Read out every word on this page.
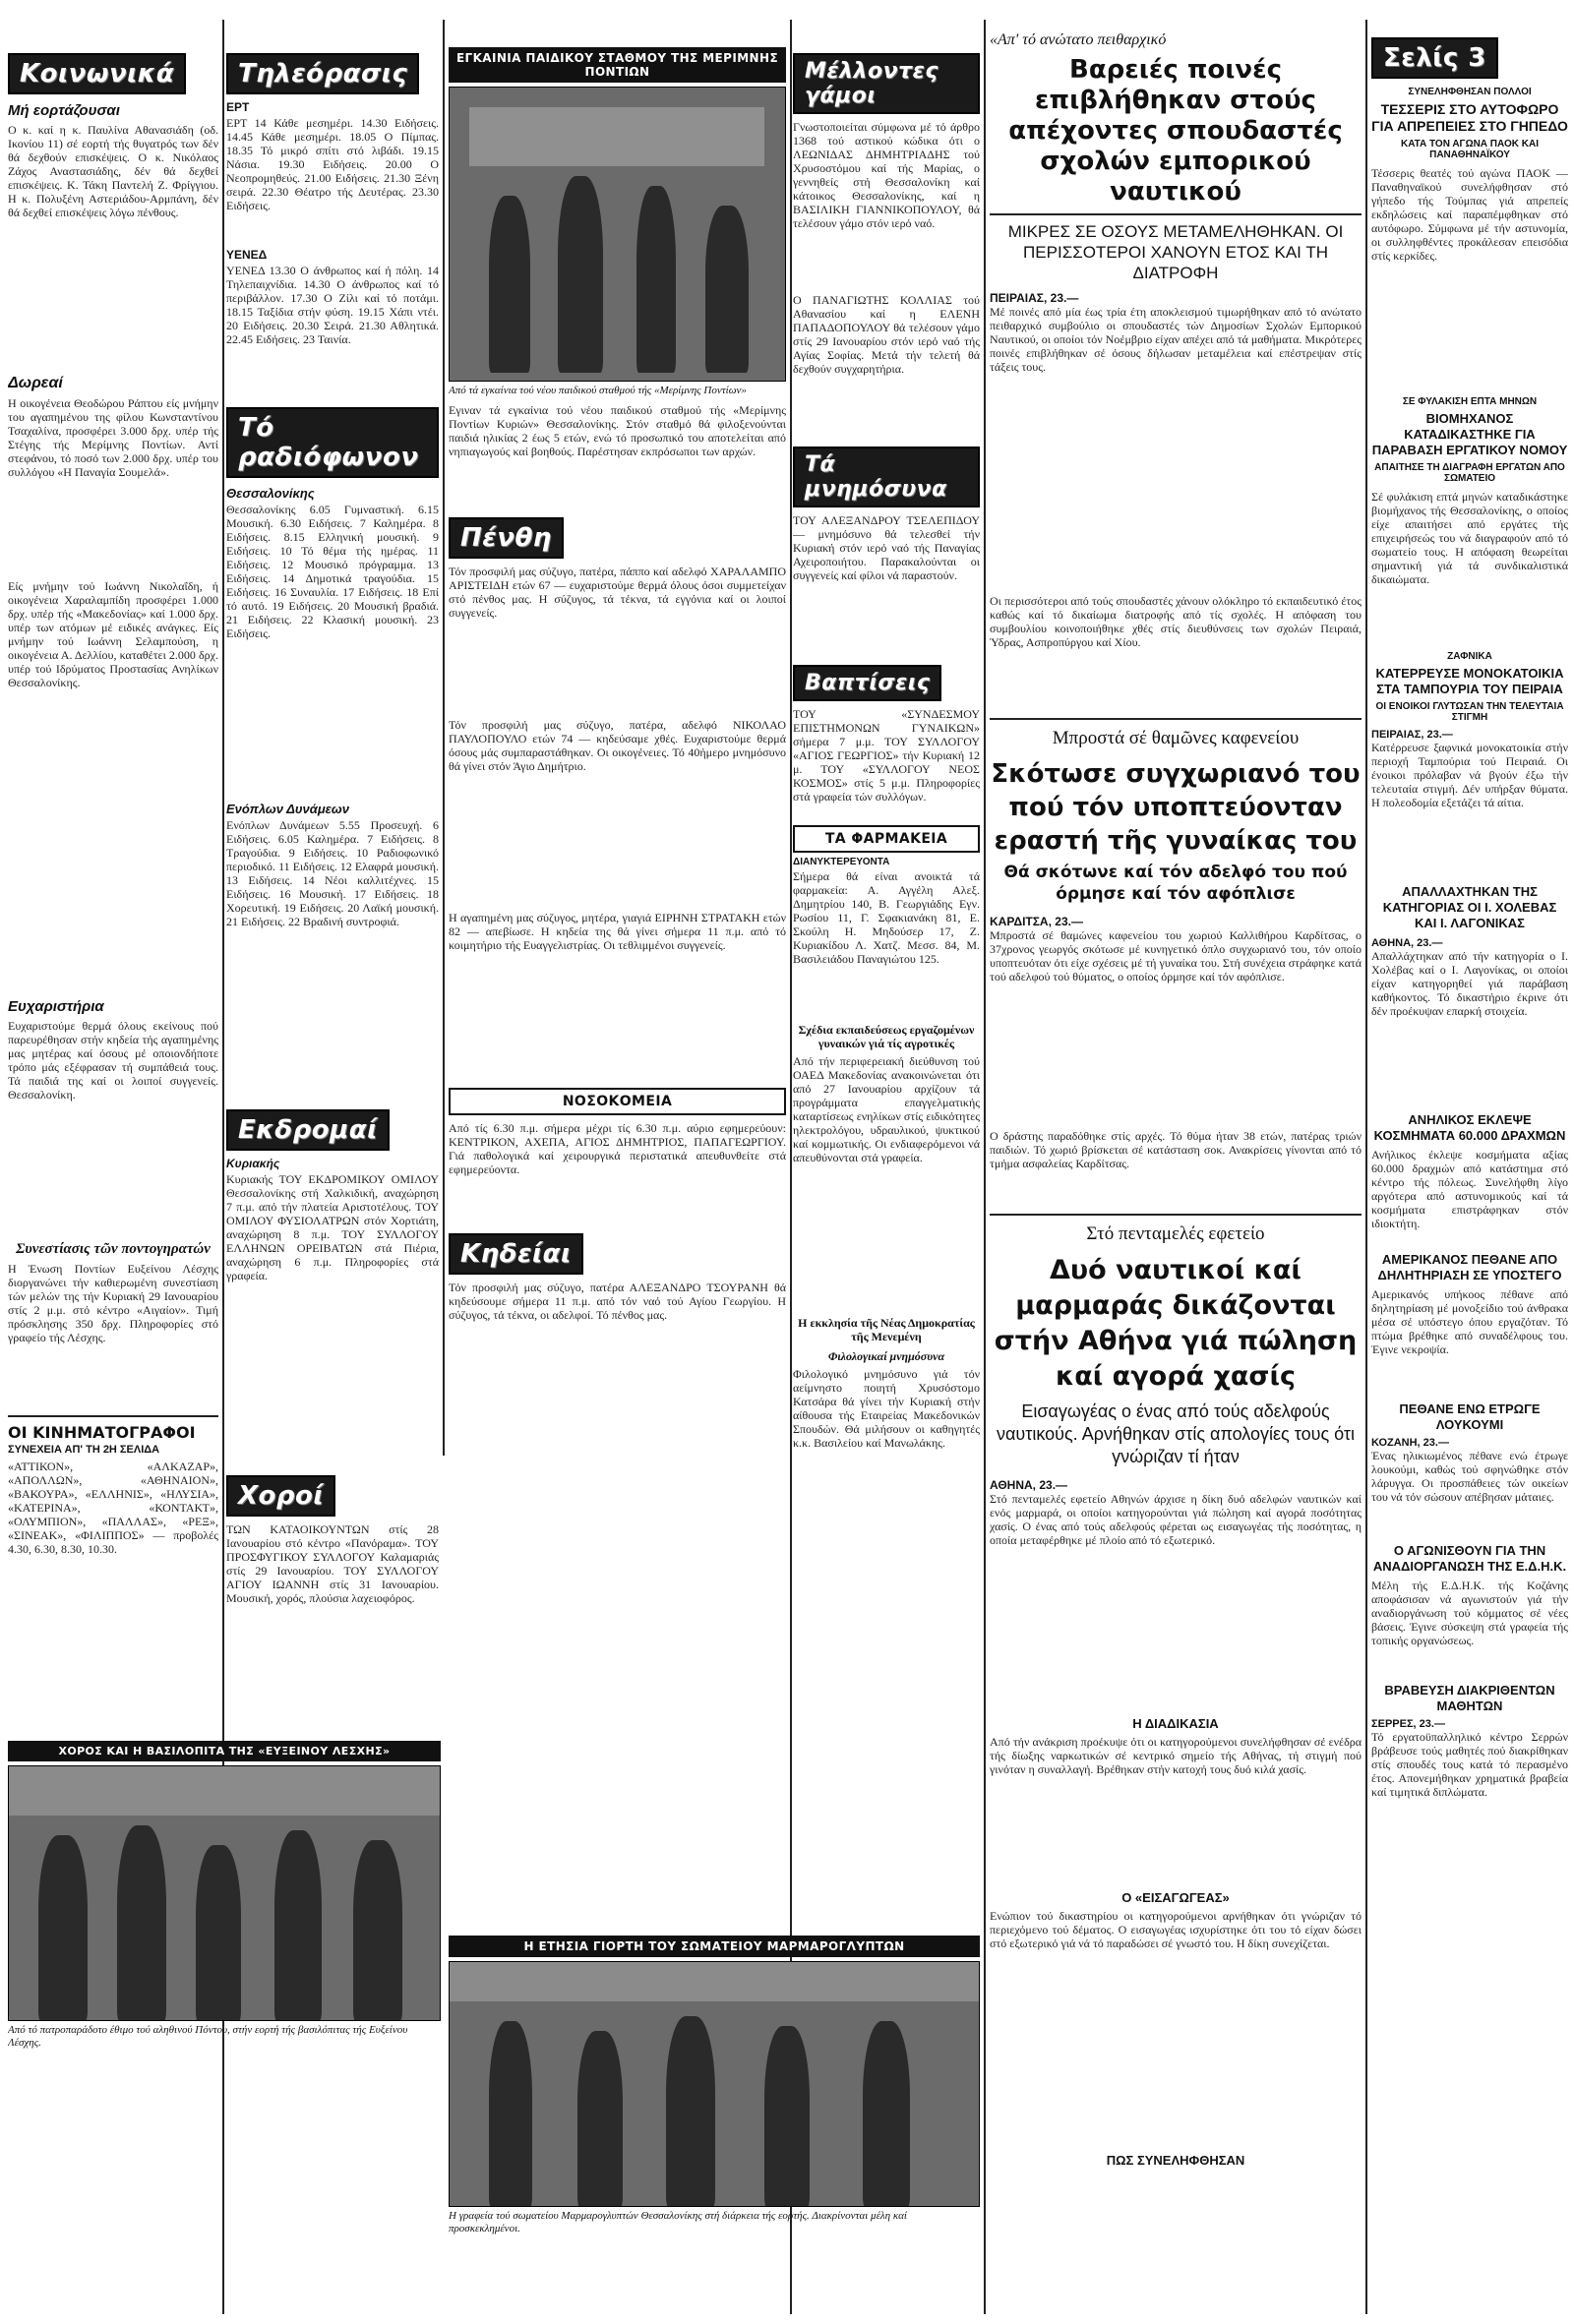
Κοινωνικά
Μή εορτάζουσαι
Ο κ. καί η κ. Παυλίνα Αθανασιάδη (οδ. Ικονίου 11) σέ εορτή τής θυγατρός των δέν θά δεχθούν επισκέψεις. Ο κ. Νικόλαος Ζάχος Αναστασιάδης, δέν θά δεχθεί επισκέψεις. Κ. Τάκη Παντελή Ζ. Φρίγγιου. Η κ. Πολυξένη Αστεριάδου-Αρμπάνη, δέν θά δεχθεί επισκέψεις λόγω πένθους.
Δωρεαί
Η οικογένεια Θεοδώρου Ράπτου είς μνήμην του αγαπημένου της φίλου Κωνσταντίνου Τσαχαλίνα, προσφέρει 3.000 δρχ. υπέρ τής Στέγης τής Μερίμνης Ποντίων. Αντί στεφάνου, τό ποσό των 2.000 δρχ. υπέρ του συλλόγου «Η Παναγία Σουμελά».
Είς μνήμην τού Ιωάννη Νικολαΐδη, ή οικογένεια Χαραλαμπίδη προσφέρει 1.000 δρχ. υπέρ τής «Μακεδονίας» καί 1.000 δρχ. υπέρ των ατόμων μέ ειδικές ανάγκες. Είς μνήμην τού Ιωάννη Σελαμπούση, η οικογένεια Α. Δελλίου, καταθέτει 2.000 δρχ. υπέρ τού Ιδρύματος Προστασίας Ανηλίκων Θεσσαλονίκης.
Ευχαριστήρια
Ευχαριστούμε θερμά όλους εκείνους πού παρευρέθησαν στήν κηδεία τής αγαπημένης μας μητέρας καί όσους μέ οποιονδήποτε τρόπο μάς εξέφρασαν τή συμπάθειά τους. Τά παιδιά της καί οι λοιποί συγγενείς. Θεσσαλονίκη.
Συνεστίασις τῶν ποντογηρατών
Η Ένωση Ποντίων Ευξείνου Λέσχης διοργανώνει τήν καθιερωμένη συνεστίαση τών μελών της τήν Κυριακή 29 Ιανουαρίου στίς 2 μ.μ. στό κέντρο «Αιγαίον». Τιμή πρόσκλησης 350 δρχ. Πληροφορίες στό γραφείο τής Λέσχης.
ΟΙ ΚΙΝΗΜΑΤΟΓΡΑΦΟΙ
ΣΥΝΕΧΕΙΑ ΑΠ' ΤΗ 2Η ΣΕΛΙΔΑ
«ΑΤΤΙΚΟΝ», «ΑΛΚΑΖΑΡ», «ΑΠΟΛΛΩΝ», «ΑΘΗΝΑΙΟΝ», «ΒΑΚΟΥΡΑ», «ΕΛΛΗΝΙΣ», «ΗΛΥΣΙΑ», «ΚΑΤΕΡΙΝΑ», «ΚΟΝΤΑΚΤ», «ΟΛΥΜΠΙΟΝ», «ΠΑΛΛΑΣ», «ΡΕΞ», «ΣΙΝΕΑΚ», «ΦΙΛΙΠΠΟΣ» — προβολές 4.30, 6.30, 8.30, 10.30.
Τηλεόρασις
ΕΡΤ
ΕΡΤ 14 Κάθε μεσημέρι. 14.30 Ειδήσεις. 14.45 Κάθε μεσημέρι. 18.05 Ο Πίμπας. 18.35 Τό μικρό σπίτι στό λιβάδι. 19.15 Νάσια. 19.30 Ειδήσεις. 20.00 Ο Νεοπρομηθεύς. 21.00 Ειδήσεις. 21.30 Ξένη σειρά. 22.30 Θέατρο τής Δευτέρας. 23.30 Ειδήσεις.
ΥΕΝΕΔ
ΥΕΝΕΔ 13.30 Ο άνθρωπος καί ή πόλη. 14 Τηλεπαιχνίδια. 14.30 Ο άνθρωπος καί τό περιβάλλον. 17.30 Ο Ζίλι καί τό ποτάμι. 18.15 Ταξίδια στήν φύση. 19.15 Χάπι ντέι. 20 Ειδήσεις. 20.30 Σειρά. 21.30 Αθλητικά. 22.45 Ειδήσεις. 23 Ταινία.
Τό ραδιόφωνον
Θεσσαλονίκης
Θεσσαλονίκης 6.05 Γυμναστική. 6.15 Μουσική. 6.30 Ειδήσεις. 7 Καλημέρα. 8 Ειδήσεις. 8.15 Ελληνική μουσική. 9 Ειδήσεις. 10 Τό θέμα τής ημέρας. 11 Ειδήσεις. 12 Μουσικό πρόγραμμα. 13 Ειδήσεις. 14 Δημοτικά τραγούδια. 15 Ειδήσεις. 16 Συναυλία. 17 Ειδήσεις. 18 Επί τό αυτό. 19 Ειδήσεις. 20 Μουσική βραδιά. 21 Ειδήσεις. 22 Κλασική μουσική. 23 Ειδήσεις.
Ενόπλων Δυνάμεων
Ενόπλων Δυνάμεων 5.55 Προσευχή. 6 Ειδήσεις. 6.05 Καλημέρα. 7 Ειδήσεις. 8 Τραγούδια. 9 Ειδήσεις. 10 Ραδιοφωνικό περιοδικό. 11 Ειδήσεις. 12 Ελαφρά μουσική. 13 Ειδήσεις. 14 Νέοι καλλιτέχνες. 15 Ειδήσεις. 16 Μουσική. 17 Ειδήσεις. 18 Χορευτική. 19 Ειδήσεις. 20 Λαϊκή μουσική. 21 Ειδήσεις. 22 Βραδινή συντροφιά.
Εκδρομαί
Κυριακής
Κυριακής ΤΟΥ ΕΚΔΡΟΜΙΚΟΥ ΟΜΙΛΟΥ Θεσσαλονίκης στή Χαλκιδική, αναχώρηση 7 π.μ. από τήν πλατεία Αριστοτέλους. ΤΟΥ ΟΜΙΛΟΥ ΦΥΣΙΟΛΑΤΡΩΝ στόν Χορτιάτη, αναχώρηση 8 π.μ. ΤΟΥ ΣΥΛΛΟΓΟΥ ΕΛΛΗΝΩΝ ΟΡΕΙΒΑΤΩΝ στά Πιέρια, αναχώρηση 6 π.μ. Πληροφορίες στά γραφεία.
Χοροί
ΤΩΝ ΚΑΤΑΟΙΚΟΥΝΤΩΝ στίς 28 Ιανουαρίου στό κέντρο «Πανόραμα». ΤΟΥ ΠΡΟΣΦΥΓΙΚΟΥ ΣΥΛΛΟΓΟΥ Καλαμαριάς στίς 29 Ιανουαρίου. ΤΟΥ ΣΥΛΛΟΓΟΥ ΑΓΙΟΥ ΙΩΑΝΝΗ στίς 31 Ιανουαρίου. Μουσική, χορός, πλούσια λαχειοφόρος.
ΕΓΚΑΙΝΙΑ ΠΑΙΔΙΚΟΥ ΣΤΑΘΜΟΥ ΤΗΣ ΜΕΡΙΜΝΗΣ ΠΟΝΤΙΩΝ
Από τά εγκαίνια τού νέου παιδικού σταθμού τής «Μερίμνης Ποντίων»
Εγιναν τά εγκαίνια τού νέου παιδικού σταθμού τής «Μερίμνης Ποντίων Κυριών» Θεσσαλονίκης. Στόν σταθμό θά φιλοξενούνται παιδιά ηλικίας 2 έως 5 ετών, ενώ τό προσωπικό του αποτελείται από νηπιαγωγούς καί βοηθούς. Παρέστησαν εκπρόσωποι των αρχών.
Πένθη
Τόν προσφιλή μας σύζυγο, πατέρα, πάππο καί αδελφό ΧΑΡΑΛΑΜΠΟ ΑΡΙΣΤΕΙΔΗ ετών 67 — ευχαριστούμε θερμά όλους όσοι συμμετείχαν στό πένθος μας. Η σύζυγος, τά τέκνα, τά εγγόνια καί οι λοιποί συγγενείς.
Τόν προσφιλή μας σύζυγο, πατέρα, αδελφό ΝΙΚΟΛΑΟ ΠΑΥΛΟΠΟΥΛΟ ετών 74 — κηδεύσαμε χθές. Ευχαριστούμε θερμά όσους μάς συμπαραστάθηκαν. Οι οικογένειες. Τό 40ήμερο μνημόσυνο θά γίνει στόν Άγιο Δημήτριο.
Η αγαπημένη μας σύζυγος, μητέρα, γιαγιά ΕΙΡΗΝΗ ΣΤΡΑΤΑΚΗ ετών 82 — απεβίωσε. Η κηδεία της θά γίνει σήμερα 11 π.μ. από τό κοιμητήριο τής Ευαγγελιστρίας. Οι τεθλιμμένοι συγγενείς.
ΝΟΣΟΚΟΜΕΙΑ
Από τίς 6.30 π.μ. σήμερα μέχρι τίς 6.30 π.μ. αύριο εφημερεύουν: ΚΕΝΤΡΙΚΟΝ, ΑΧΕΠΑ, ΑΓΙΟΣ ΔΗΜΗΤΡΙΟΣ, ΠΑΠΑΓΕΩΡΓΙΟΥ. Γιά παθολογικά καί χειρουργικά περιστατικά απευθυνθείτε στά εφημερεύοντα.
Κηδείαι
Τόν προσφιλή μας σύζυγο, πατέρα ΑΛΕΞΑΝΔΡΟ ΤΣΟΥΡΑΝΗ θά κηδεύσουμε σήμερα 11 π.μ. από τόν ναό τού Αγίου Γεωργίου. Η σύζυγος, τά τέκνα, οι αδελφοί. Τό πένθος μας.
ΧΟΡΟΣ ΚΑΙ Η ΒΑΣΙΛΟΠΙΤΑ ΤΗΣ «ΕΥΞΕΙΝΟΥ ΛΕΣΧΗΣ»
Από τό πατροπαράδοτο έθιμο τού αληθινού Πόντου, στήν εορτή τής βασιλόπιτας τής Ευξείνου Λέσχης.
Μέλλοντες γάμοι
Γνωστοποιείται σύμφωνα μέ τό άρθρο 1368 τού αστικού κώδικα ότι ο ΛΕΩΝΙΔΑΣ ΔΗΜΗΤΡΙΑΔΗΣ τού Χρυσοστόμου καί τής Μαρίας, ο γεννηθείς στή Θεσσαλονίκη καί κάτοικος Θεσσαλονίκης, καί η ΒΑΣΙΛΙΚΗ ΓΙΑΝΝΙΚΟΠΟΥΛΟΥ, θά τελέσουν γάμο στόν ιερό ναό.
Ο ΠΑΝΑΓΙΩΤΗΣ ΚΟΛΛΙΑΣ τού Αθανασίου καί η ΕΛΕΝΗ ΠΑΠΑΔΟΠΟΥΛΟΥ θά τελέσουν γάμο στίς 29 Ιανουαρίου στόν ιερό ναό τής Αγίας Σοφίας. Μετά τήν τελετή θά δεχθούν συγχαρητήρια.
Τά μνημόσυνα
ΤΟΥ ΑΛΕΞΑΝΔΡΟΥ ΤΣΕΛΕΠΙΔΟΥ — μνημόσυνο θά τελεσθεί τήν Κυριακή στόν ιερό ναό τής Παναγίας Αχειροποιήτου. Παρακαλούνται οι συγγενείς καί φίλοι νά παραστούν.
Βαπτίσεις
ΤΟΥ «ΣΥΝΔΕΣΜΟΥ ΕΠΙΣΤΗΜΟΝΩΝ ΓΥΝΑΙΚΩΝ» σήμερα 7 μ.μ. ΤΟΥ ΣΥΛΛΟΓΟΥ «ΑΓΙΟΣ ΓΕΩΡΓΙΟΣ» τήν Κυριακή 12 μ. ΤΟΥ «ΣΥΛΛΟΓΟΥ ΝΕΟΣ ΚΟΣΜΟΣ» στίς 5 μ.μ. Πληροφορίες στά γραφεία τών συλλόγων.
ΤΑ ΦΑΡΜΑΚΕΙΑ
ΔΙΑΝΥΚΤΕΡΕΥΟΝΤΑ
Σήμερα θά είναι ανοικτά τά φαρμακεία: Α. Αγγέλη Αλεξ. Δημητρίου 140, Β. Γεωργιάδης Εγν. Ρωσίου 11, Γ. Σφακιανάκη 81, Ε. Σκούλη Η. Μηδούσερ 17, Ζ. Κυριακίδου Λ. Χατζ. Μεσσ. 84, Μ. Βασιλειάδου Παναγιώτου 125.
Σχέδια εκπαιδεύσεως εργαζομένων γυναικών γιά τίς αγροτικές
Από τήν περιφερειακή διεύθυνση τού ΟΑΕΔ Μακεδονίας ανακοινώνεται ότι από 27 Ιανουαρίου αρχίζουν τά προγράμματα επαγγελματικής καταρτίσεως ενηλίκων στίς ειδικότητες ηλεκτρολόγου, υδραυλικού, ψυκτικού καί κομμωτικής. Οι ενδιαφερόμενοι νά απευθύνονται στά γραφεία.
Η εκκλησία τῆς Νέας Δημοκρατίας τῆς Μενεμένη
Φιλολογικαί μνημόσυνα
Φιλολογικό μνημόσυνο γιά τόν αείμνηστο ποιητή Χρυσόστομο Κατσάρα θά γίνει τήν Κυριακή στήν αίθουσα τής Εταιρείας Μακεδονικών Σπουδών. Θά μιλήσουν οι καθηγητές κ.κ. Βασιλείου καί Μανωλάκης.
Η ΕΤΗΣΙΑ ΓΙΟΡΤΗ ΤΟΥ ΣΩΜΑΤΕΙΟΥ ΜΑΡΜΑΡΟΓΛΥΠΤΩΝ
Η γραφεία τού σωματείου Μαρμαρογλυπτών Θεσσαλονίκης στή διάρκεια τής εορτής. Διακρίνονται μέλη καί προσκεκλημένοι.
«Απ' τό ανώτατο πειθαρχικό
Βαρειές ποινές επιβλήθηκαν στούς απέχοντες σπουδαστές σχολών εμπορικού ναυτικού
ΜΙΚΡΕΣ ΣΕ ΟΣΟΥΣ ΜΕΤΑΜΕΛΗΘΗΚΑΝ. ΟΙ ΠΕΡΙΣΣΟΤΕΡΟΙ ΧΑΝΟΥΝ ΕΤΟΣ ΚΑΙ ΤΗ ΔΙΑΤΡΟΦΗ
ΠΕΙΡΑΙΑΣ, 23.—
Μέ ποινές από μία έως τρία έτη αποκλεισμού τιμωρήθηκαν από τό ανώτατο πειθαρχικό συμβούλιο οι σπουδαστές τών Δημοσίων Σχολών Εμπορικού Ναυτικού, οι οποίοι τόν Νοέμβριο είχαν απέχει από τά μαθήματα. Μικρότερες ποινές επιβλήθηκαν σέ όσους δήλωσαν μεταμέλεια καί επέστρεψαν στίς τάξεις τους.
Οι περισσότεροι από τούς σπουδαστές χάνουν ολόκληρο τό εκπαιδευτικό έτος καθώς καί τό δικαίωμα διατροφής από τίς σχολές. Η απόφαση του συμβουλίου κοινοποιήθηκε χθές στίς διευθύνσεις των σχολών Πειραιά, Ύδρας, Ασπροπύργου καί Χίου.
Μπροστά σέ θαμῶνες καφενείου
Σκότωσε συγχωριανό του πού τόν υποπτεύονταν εραστή τῆς γυναίκας του
Θά σκότωνε καί τόν αδελφό του πού όρμησε καί τόν αφόπλισε
ΚΑΡΔΙΤΣΑ, 23.—
Μπροστά σέ θαμώνες καφενείου του χωριού Καλλιθήρου Καρδίτσας, ο 37χρονος γεωργός σκότωσε μέ κυνηγετικό όπλο συγχωριανό του, τόν οποίο υποπτευόταν ότι είχε σχέσεις μέ τή γυναίκα του. Στή συνέχεια στράφηκε κατά τού αδελφού τού θύματος, ο οποίος όρμησε καί τόν αφόπλισε.
Ο δράστης παραδόθηκε στίς αρχές. Τό θύμα ήταν 38 ετών, πατέρας τριών παιδιών. Τό χωριό βρίσκεται σέ κατάσταση σοκ. Ανακρίσεις γίνονται από τό τμήμα ασφαλείας Καρδίτσας.
Στό πενταμελές εφετείο
Δυό ναυτικοί καί μαρμαράς δικάζονται στήν Αθήνα γιά πώληση καί αγορά χασίς
Εισαγωγέας ο ένας από τούς αδελφούς ναυτικούς. Αρνήθηκαν στίς απολογίες τους ότι γνώριζαν τί ήταν
ΑΘΗΝΑ, 23.—
Στό πενταμελές εφετείο Αθηνών άρχισε η δίκη δυό αδελφών ναυτικών καί ενός μαρμαρά, οι οποίοι κατηγορούνται γιά πώληση καί αγορά ποσότητας χασίς. Ο ένας από τούς αδελφούς φέρεται ως εισαγωγέας τής ποσότητας, η οποία μεταφέρθηκε μέ πλοίο από τό εξωτερικό.
Η ΔΙΑΔΙΚΑΣΙΑ
Από τήν ανάκριση προέκυψε ότι οι κατηγορούμενοι συνελήφθησαν σέ ενέδρα τής δίωξης ναρκωτικών σέ κεντρικό σημείο τής Αθήνας, τή στιγμή πού γινόταν η συναλλαγή. Βρέθηκαν στήν κατοχή τους δυό κιλά χασίς.
Ο «ΕΙΣΑΓΩΓΕΑΣ»
Ενώπιον τού δικαστηρίου οι κατηγορούμενοι αρνήθηκαν ότι γνώριζαν τό περιεχόμενο τού δέματος. Ο εισαγωγέας ισχυρίστηκε ότι του τό είχαν δώσει στό εξωτερικό γιά νά τό παραδώσει σέ γνωστό του. Η δίκη συνεχίζεται.
ΠΩΣ ΣΥΝΕΛΗΦΘΗΣΑΝ
Σελίς 3
ΣΥΝΕΛΗΦΘΗΣΑΝ ΠΟΛΛΟΙ
ΤΕΣΣΕΡΙΣ ΣΤΟ ΑΥΤΟΦΩΡΟ ΓΙΑ ΑΠΡΕΠΕΙΕΣ ΣΤΟ ΓΗΠΕΔΟ
ΚΑΤΑ ΤΟΝ ΑΓΩΝΑ ΠΑΟΚ ΚΑΙ ΠΑΝΑΘΗΝΑΪΚΟΥ
Τέσσερις θεατές τού αγώνα ΠΑΟΚ — Παναθηναϊκού συνελήφθησαν στό γήπεδο τής Τούμπας γιά απρεπείς εκδηλώσεις καί παραπέμφθηκαν στό αυτόφωρο. Σύμφωνα μέ τήν αστυνομία, οι συλληφθέντες προκάλεσαν επεισόδια στίς κερκίδες.
ΣΕ ΦΥΛΑΚΙΣΗ ΕΠΤΑ ΜΗΝΩΝ
ΒΙΟΜΗΧΑΝΟΣ ΚΑΤΑΔΙΚΑΣΤΗΚΕ ΓΙΑ ΠΑΡΑΒΑΣΗ ΕΡΓΑΤΙΚΟΥ ΝΟΜΟΥ
ΑΠΑΙΤΗΣΕ ΤΗ ΔΙΑΓΡΑΦΗ ΕΡΓΑΤΩΝ ΑΠΟ ΣΩΜΑΤΕΙΟ
Σέ φυλάκιση επτά μηνών καταδικάστηκε βιομήχανος τής Θεσσαλονίκης, ο οποίος είχε απαιτήσει από εργάτες τής επιχειρήσεώς του νά διαγραφούν από τό σωματείο τους. Η απόφαση θεωρείται σημαντική γιά τά συνδικαλιστικά δικαιώματα.
ΖΑΦΝΙΚΑ
ΚΑΤΕΡΡΕΥΣΕ ΜΟΝΟΚΑΤΟΙΚΙΑ ΣΤΑ ΤΑΜΠΟΥΡΙΑ ΤΟΥ ΠΕΙΡΑΙΑ
ΟΙ ΕΝΟΙΚΟΙ ΓΛΥΤΩΣΑΝ ΤΗΝ ΤΕΛΕΥΤΑΙΑ ΣΤΙΓΜΗ
ΠΕΙΡΑΙΑΣ, 23.—
Κατέρρευσε ξαφνικά μονοκατοικία στήν περιοχή Ταμπούρια τού Πειραιά. Οι ένοικοι πρόλαβαν νά βγούν έξω τήν τελευταία στιγμή. Δέν υπήρξαν θύματα. Η πολεοδομία εξετάζει τά αίτια.
ΑΠΑΛΛΑΧΤΗΚΑΝ ΤΗΣ ΚΑΤΗΓΟΡΙΑΣ ΟΙ Ι. ΧΟΛΕΒΑΣ ΚΑΙ Ι. ΛΑΓΟΝΙΚΑΣ
ΑΘΗΝΑ, 23.—
Απαλλάχτηκαν από τήν κατηγορία ο Ι. Χολέβας καί ο Ι. Λαγονίκας, οι οποίοι είχαν κατηγορηθεί γιά παράβαση καθήκοντος. Τό δικαστήριο έκρινε ότι δέν προέκυψαν επαρκή στοιχεία.
ΑΝΗΛΙΚΟΣ ΕΚΛΕΨΕ ΚΟΣΜΗΜΑΤΑ 60.000 ΔΡΑΧΜΩΝ
Ανήλικος έκλεψε κοσμήματα αξίας 60.000 δραχμών από κατάστημα στό κέντρο τής πόλεως. Συνελήφθη λίγο αργότερα από αστυνομικούς καί τά κοσμήματα επιστράφηκαν στόν ιδιοκτήτη.
ΑΜΕΡΙΚΑΝΟΣ ΠΕΘΑΝΕ ΑΠΟ ΔΗΛΗΤΗΡΙΑΣΗ ΣΕ ΥΠΟΣΤΕΓΟ
Αμερικανός υπήκοος πέθανε από δηλητηρίαση μέ μονοξείδιο τού άνθρακα μέσα σέ υπόστεγο όπου εργαζόταν. Τό πτώμα βρέθηκε από συναδέλφους του. Έγινε νεκροψία.
ΠΕΘΑΝΕ ΕΝΩ ΕΤΡΩΓΕ ΛΟΥΚΟΥΜΙ
ΚΟΖΑΝΗ, 23.—
Ένας ηλικιωμένος πέθανε ενώ έτρωγε λουκούμι, καθώς τού σφηνώθηκε στόν λάρυγγα. Οι προσπάθειες τών οικείων του νά τόν σώσουν απέβησαν μάταιες.
Ο ΑΓΩΝΙΣΘΟΥΝ ΓΙΑ ΤΗΝ ΑΝΑΔΙΟΡΓΑΝΩΣΗ ΤΗΣ Ε.Δ.Η.Κ.
Μέλη τής Ε.Δ.Η.Κ. τής Κοζάνης αποφάσισαν νά αγωνιστούν γιά τήν αναδιοργάνωση τού κόμματος σέ νέες βάσεις. Έγινε σύσκεψη στά γραφεία τής τοπικής οργανώσεως.
ΒΡΑΒΕΥΣΗ ΔΙΑΚΡΙΘΕΝΤΩΝ ΜΑΘΗΤΩΝ
ΣΕΡΡΕΣ, 23.—
Τό εργατοϋπαλληλικό κέντρο Σερρών βράβευσε τούς μαθητές πού διακρίθηκαν στίς σπουδές τους κατά τό περασμένο έτος. Απονεμήθηκαν χρηματικά βραβεία καί τιμητικά διπλώματα.
